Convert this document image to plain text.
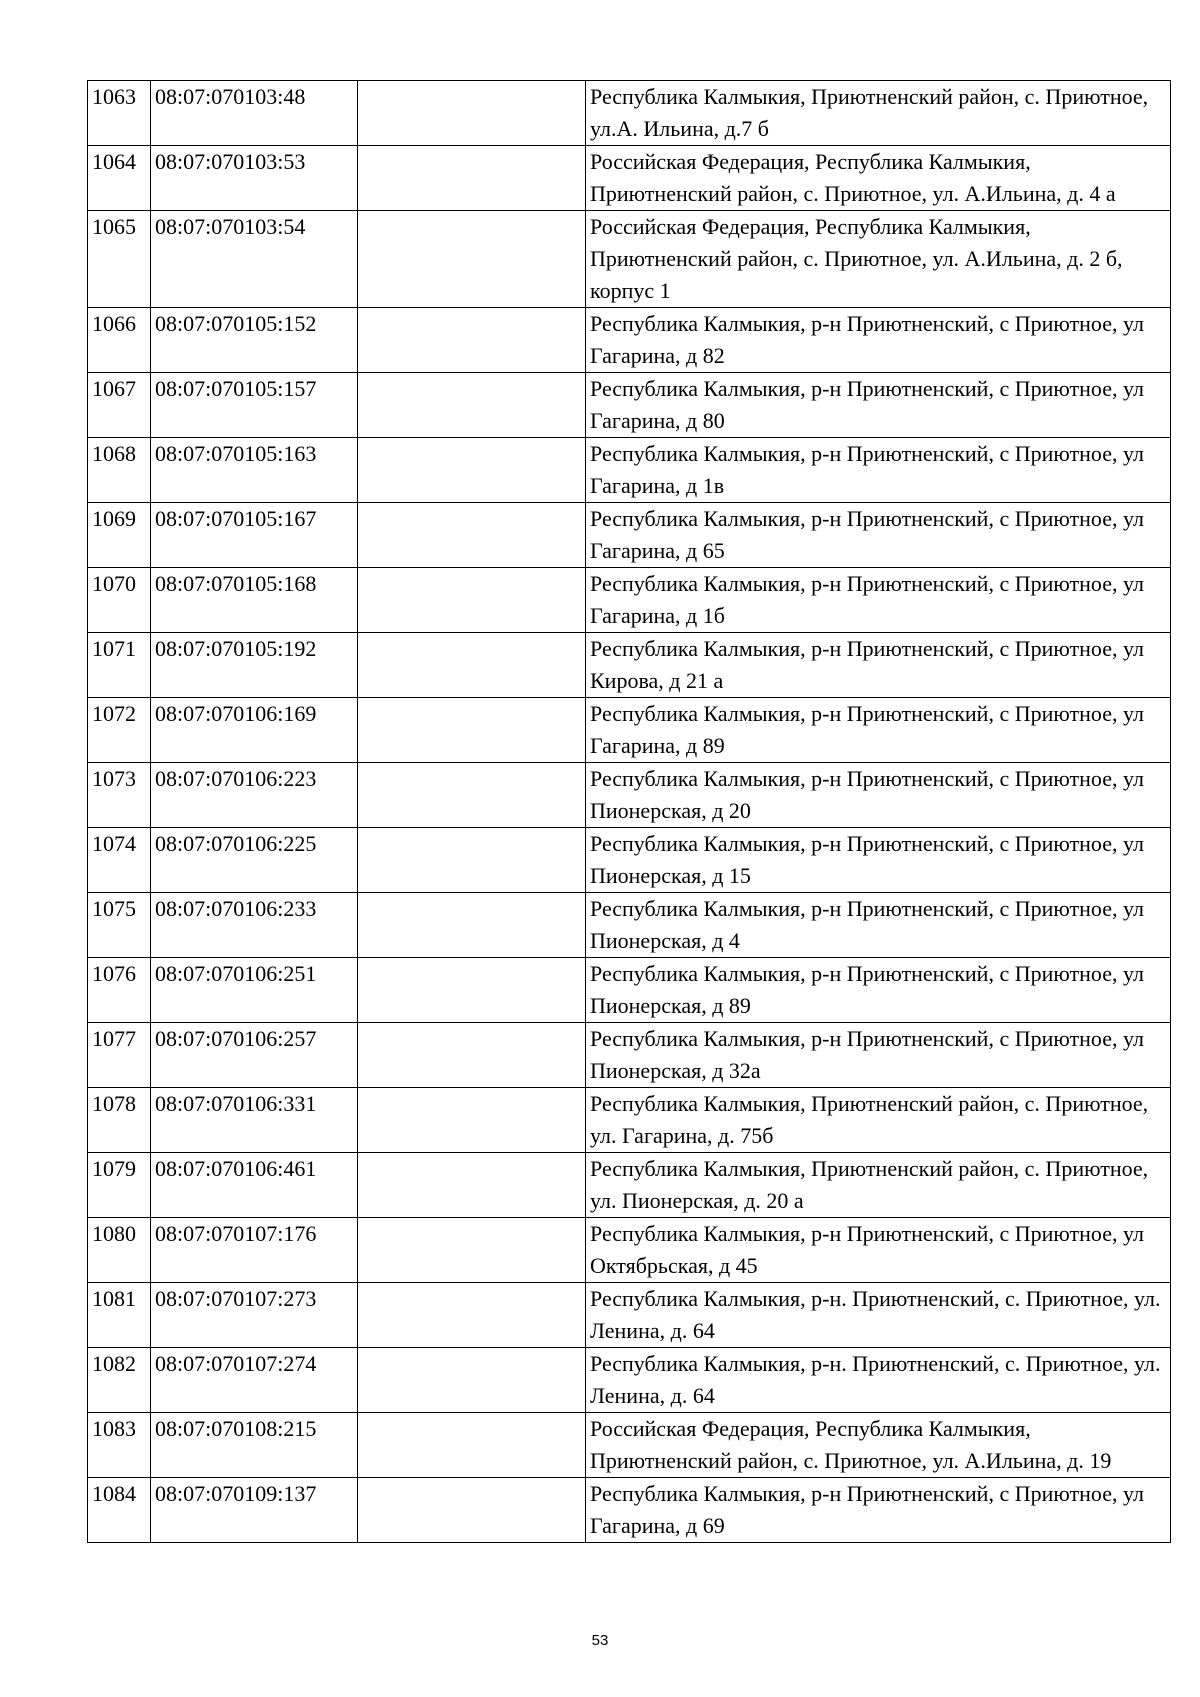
1063	08:07:070103:48		Республика Калмыкия, Приютненский район, с. Приютное, ул.А. Ильина, д.7 б
1064	08:07:070103:53		Российская Федерация, Республика Калмыкия, Приютненский район, с. Приютное, ул. А.Ильина, д. 4 а
1065	08:07:070103:54		Российская Федерация, Республика Калмыкия, Приютненский район, с. Приютное, ул. А.Ильина, д. 2 б, корпус 1
1066	08:07:070105:152		Республика Калмыкия, р-н Приютненский, с Приютное, ул Гагарина, д 82
1067	08:07:070105:157		Республика Калмыкия, р-н Приютненский, с Приютное, ул Гагарина, д 80
1068	08:07:070105:163		Республика Калмыкия, р-н Приютненский, с Приютное, ул Гагарина, д 1в
1069	08:07:070105:167		Республика Калмыкия, р-н Приютненский, с Приютное, ул Гагарина, д 65
1070	08:07:070105:168		Республика Калмыкия, р-н Приютненский, с Приютное, ул Гагарина, д 1б
1071	08:07:070105:192		Республика Калмыкия, р-н Приютненский, с Приютное, ул Кирова, д 21 а
1072	08:07:070106:169		Республика Калмыкия, р-н Приютненский, с Приютное, ул Гагарина, д 89
1073	08:07:070106:223		Республика Калмыкия, р-н Приютненский, с Приютное, ул Пионерская, д 20
1074	08:07:070106:225		Республика Калмыкия, р-н Приютненский, с Приютное, ул Пионерская, д 15
1075	08:07:070106:233		Республика Калмыкия, р-н Приютненский, с Приютное, ул Пионерская, д 4
1076	08:07:070106:251		Республика Калмыкия, р-н Приютненский, с Приютное, ул Пионерская, д 89
1077	08:07:070106:257		Республика Калмыкия, р-н Приютненский, с Приютное, ул Пионерская, д 32а
1078	08:07:070106:331		Республика Калмыкия, Приютненский район, с. Приютное, ул. Гагарина, д. 75б
1079	08:07:070106:461		Республика Калмыкия, Приютненский район, с. Приютное, ул. Пионерская, д. 20 а
1080	08:07:070107:176		Республика Калмыкия, р-н Приютненский, с Приютное, ул Октябрьская, д 45
1081	08:07:070107:273		Республика Калмыкия, р-н. Приютненский, с. Приютное, ул. Ленина, д. 64
1082	08:07:070107:274		Республика Калмыкия, р-н. Приютненский, с. Приютное, ул. Ленина, д. 64
1083	08:07:070108:215		Российская Федерация, Республика Калмыкия, Приютненский район, с. Приютное, ул. А.Ильина, д. 19
1084	08:07:070109:137		Республика Калмыкия, р-н Приютненский, с Приютное, ул Гагарина, д 69
53
